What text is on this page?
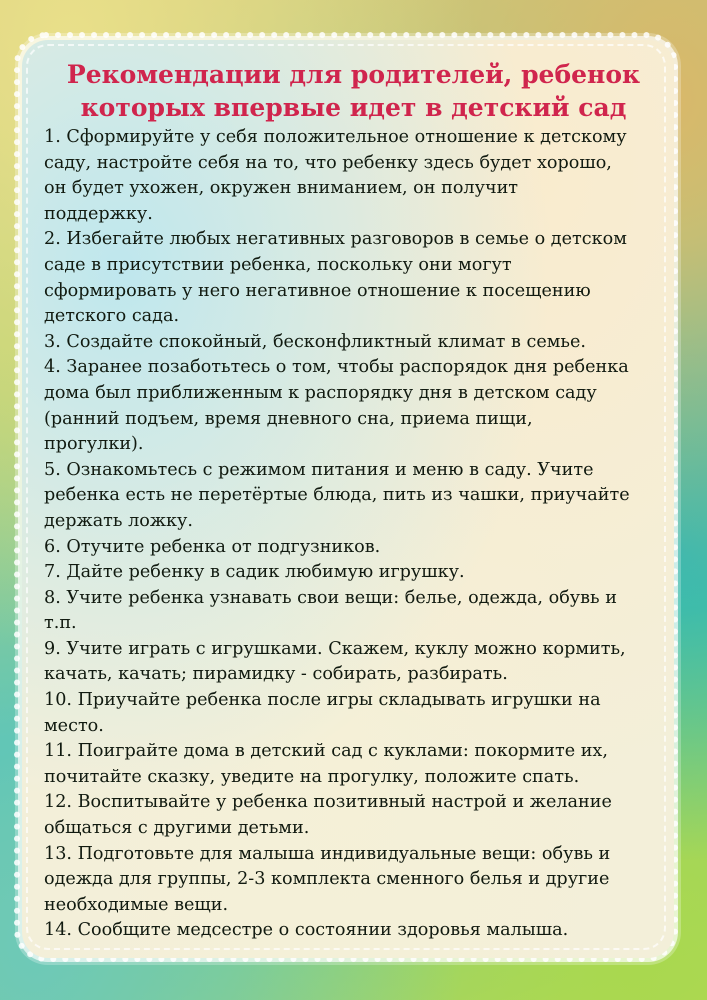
Рекомендации для родителей, ребенок
которых впервые идет в детский сад
1. Сформируйте у себя положительное отношение к детскому
саду, настройте себя на то, что ребенку здесь будет хорошо,
он будет ухожен, окружен вниманием, он получит
поддержку.
2. Избегайте любых негативных разговоров в семье о детском
саде в присутствии ребенка, поскольку они могут
сформировать у него негативное отношение к посещению
детского сада.
3. Создайте спокойный, бесконфликтный климат в семье.
4. Заранее позаботьтесь о том, чтобы распорядок дня ребенка
дома был приближенным к распорядку дня в детском саду
(ранний подъем, время дневного сна, приема пищи,
прогулки).
5. Ознакомьтесь с режимом питания и меню в саду. Учите
ребенка есть не перетёртые блюда, пить из чашки, приучайте
держать ложку.
6. Отучите ребенка от подгузников.
7. Дайте ребенку в садик любимую игрушку.
8. Учите ребенка узнавать свои вещи: белье, одежда, обувь и
т.п.
9. Учите играть с игрушками. Скажем, куклу можно кормить,
качать, качать; пирамидку - собирать, разбирать.
10. Приучайте ребенка после игры складывать игрушки на
место.
11. Поиграйте дома в детский сад с куклами: покормите их,
почитайте сказку, уведите на прогулку, положите спать.
12. Воспитывайте у ребенка позитивный настрой и желание
общаться с другими детьми.
13. Подготовьте для малыша индивидуальные вещи: обувь и
одежда для группы, 2-3 комплекта сменного белья и другие
необходимые вещи.
14. Сообщите медсестре о состоянии здоровья малыша.
